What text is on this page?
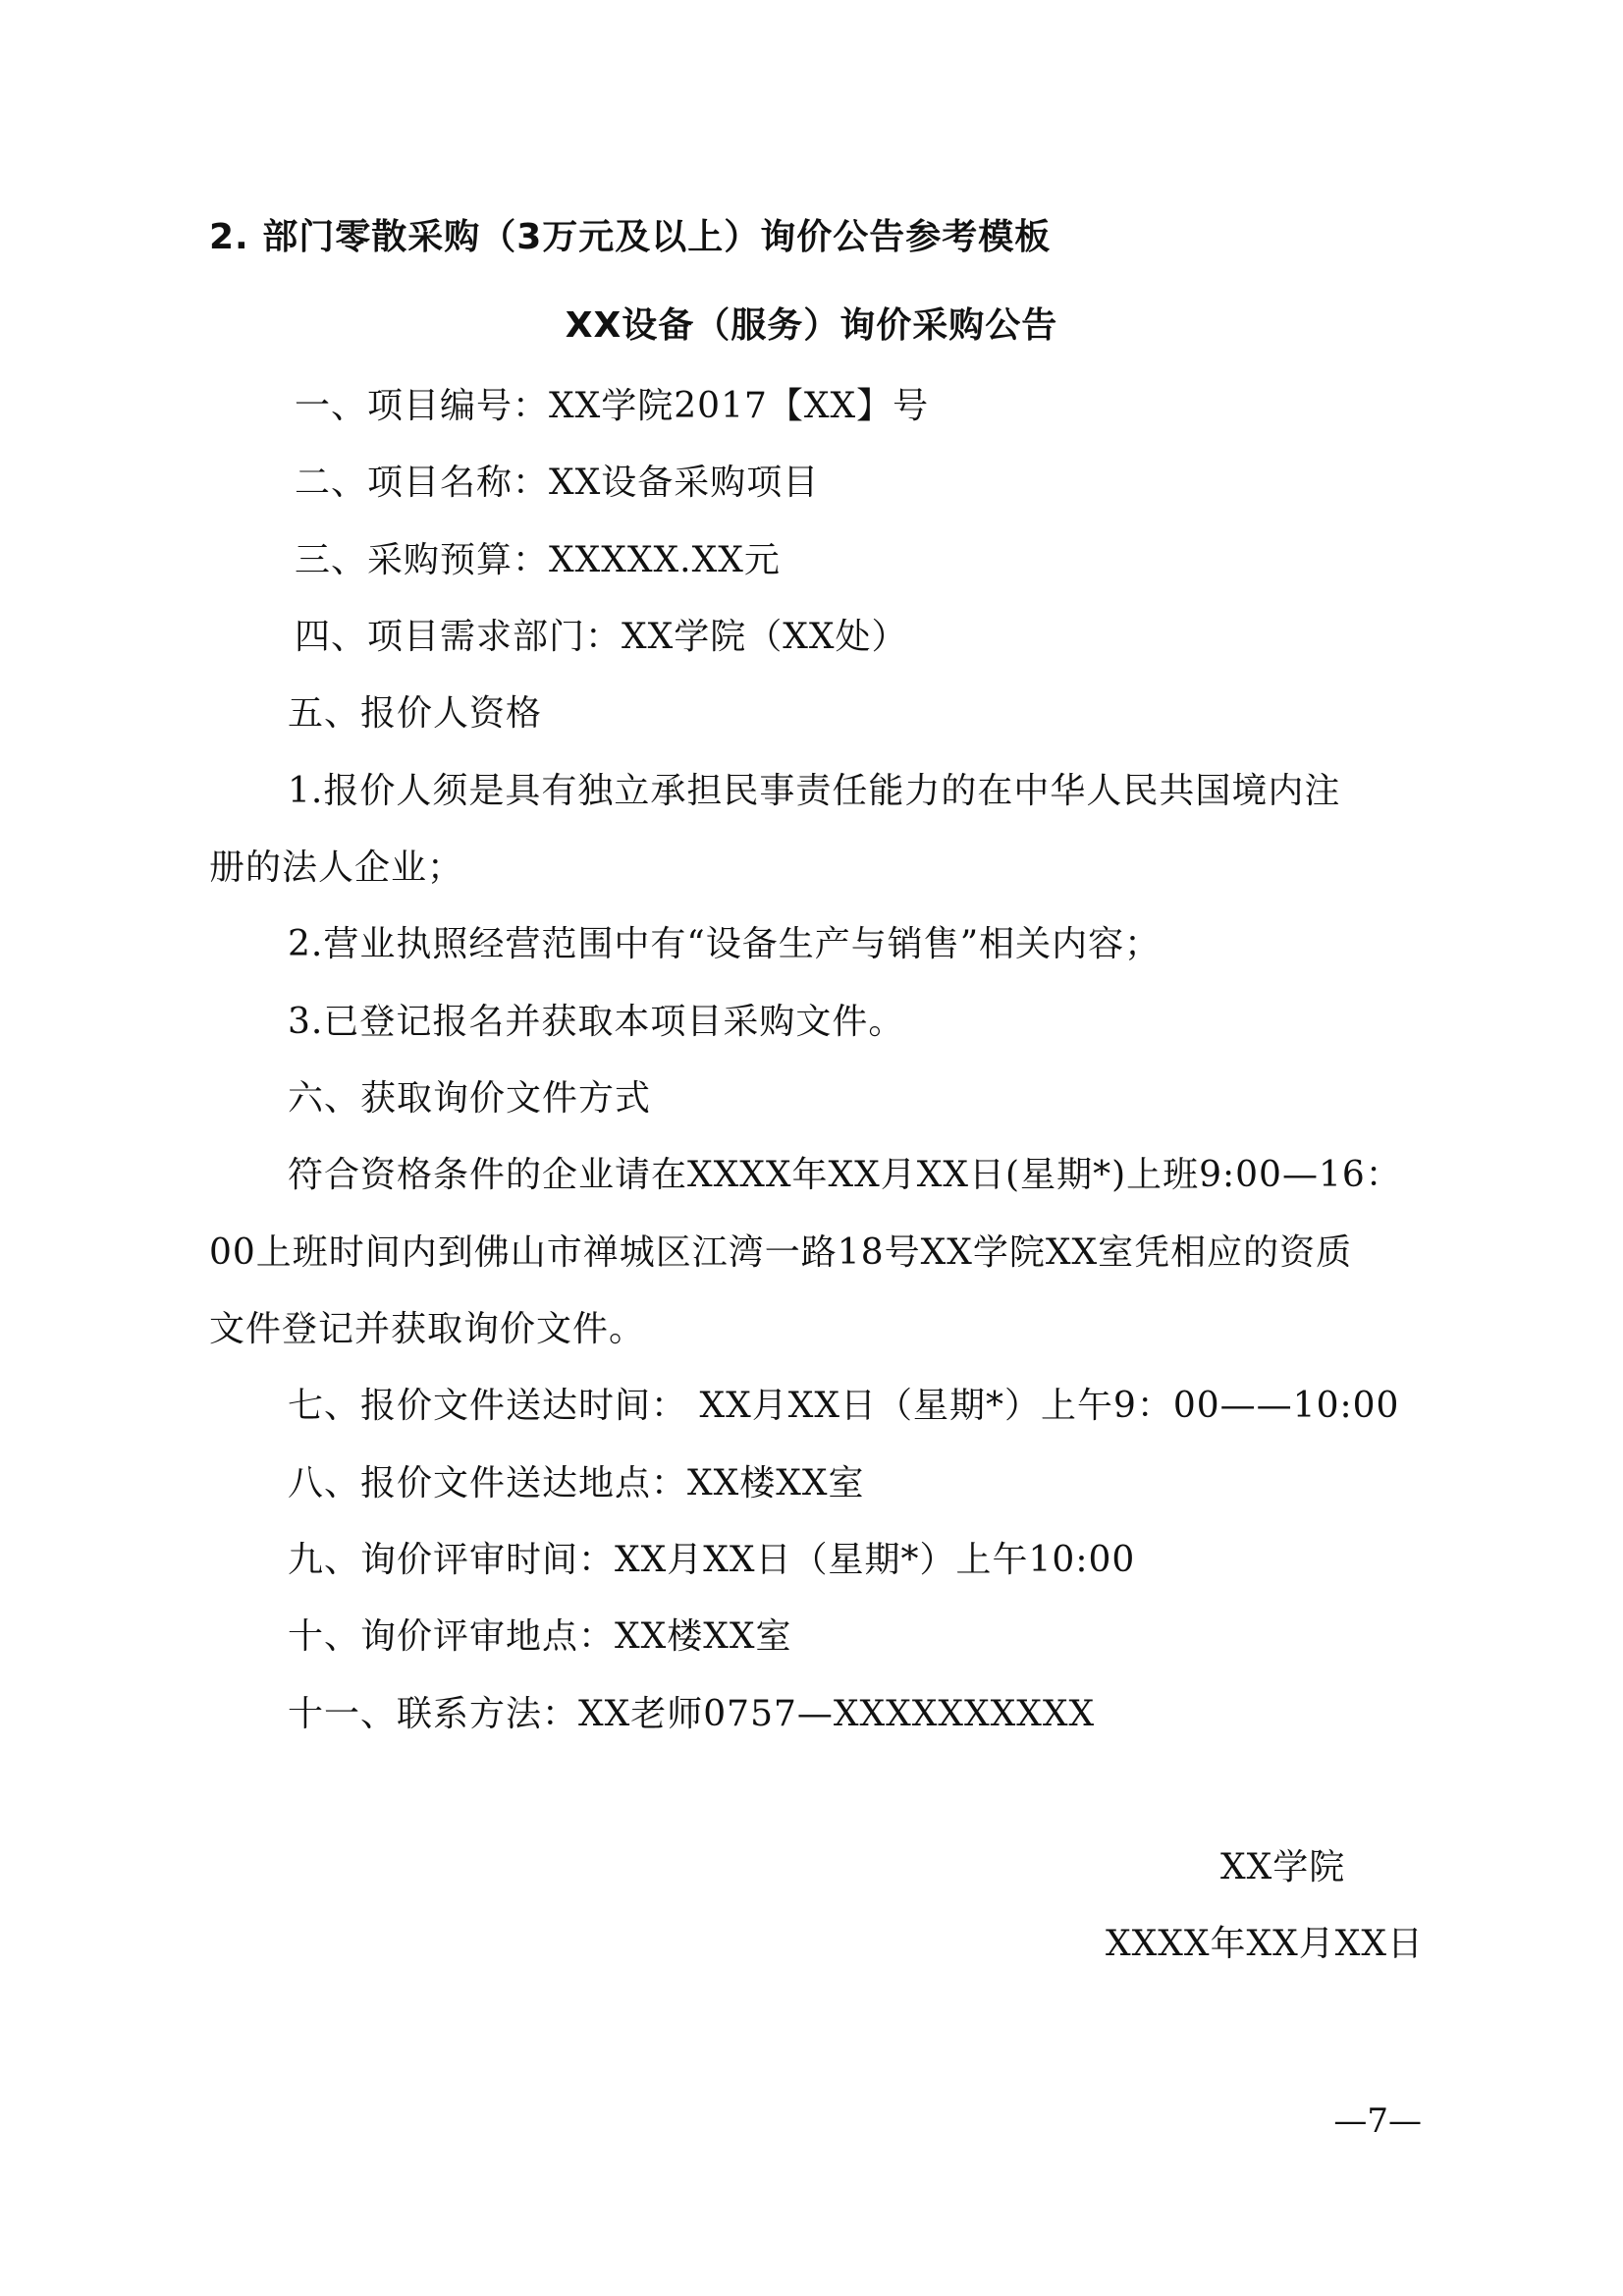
2. 部门零散采购（3万元及以上）询价公告参考模板
XX设备（服务）询价采购公告
一、项目编号：XX学院2017【XX】号
二、项目名称：XX设备采购项目
三、采购预算：XXXXX.XX元
四、项目需求部门：XX学院（XX处）
五、报价人资格
1.报价人须是具有独立承担民事责任能力的在中华人民共国境内注
册的法人企业；
2.营业执照经营范围中有“设备生产与销售”相关内容；
3.已登记报名并获取本项目采购文件。
六、获取询价文件方式
符合资格条件的企业请在XXXX年XX月XX日(星期*)上班9:00—16：
00上班时间内到佛山市禅城区江湾一路18号XX学院XX室凭相应的资质
文件登记并获取询价文件。
七、报价文件送达时间： XX月XX日（星期*）上午9：00——10:00
八、报价文件送达地点：XX楼XX室
九、询价评审时间：XX月XX日（星期*）上午10:00
十、询价评审地点：XX楼XX室
十一、联系方法：XX老师0757—XXXXXXXXXX
XX学院
XXXX年XX月XX日
—7—
